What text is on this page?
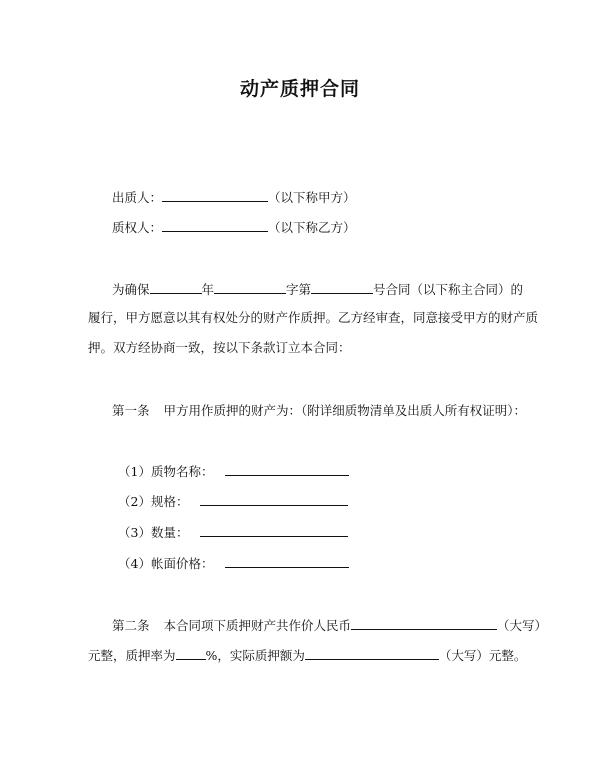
动产质押合同
出质人：	（以下称甲方）
质权人：	（以下称乙方）
为确保	年	字第	号合同（以下称主合同）的
履行，甲方愿意以其有权处分的财产作质押。乙方经审查，同意接受甲方的财产质
押。双方经协商一致，按以下条款订立本合同：
第一条 甲方用作质押的财产为：（附详细质物清单及出质人所有权证明）：
（1）质物名称：
（2）规格：
（3）数量：
（4）帐面价格：
第二条 本合同项下质押财产共作价人民币	（大写）
元整，质押率为 %，实际质押额为	（大写）元整。
